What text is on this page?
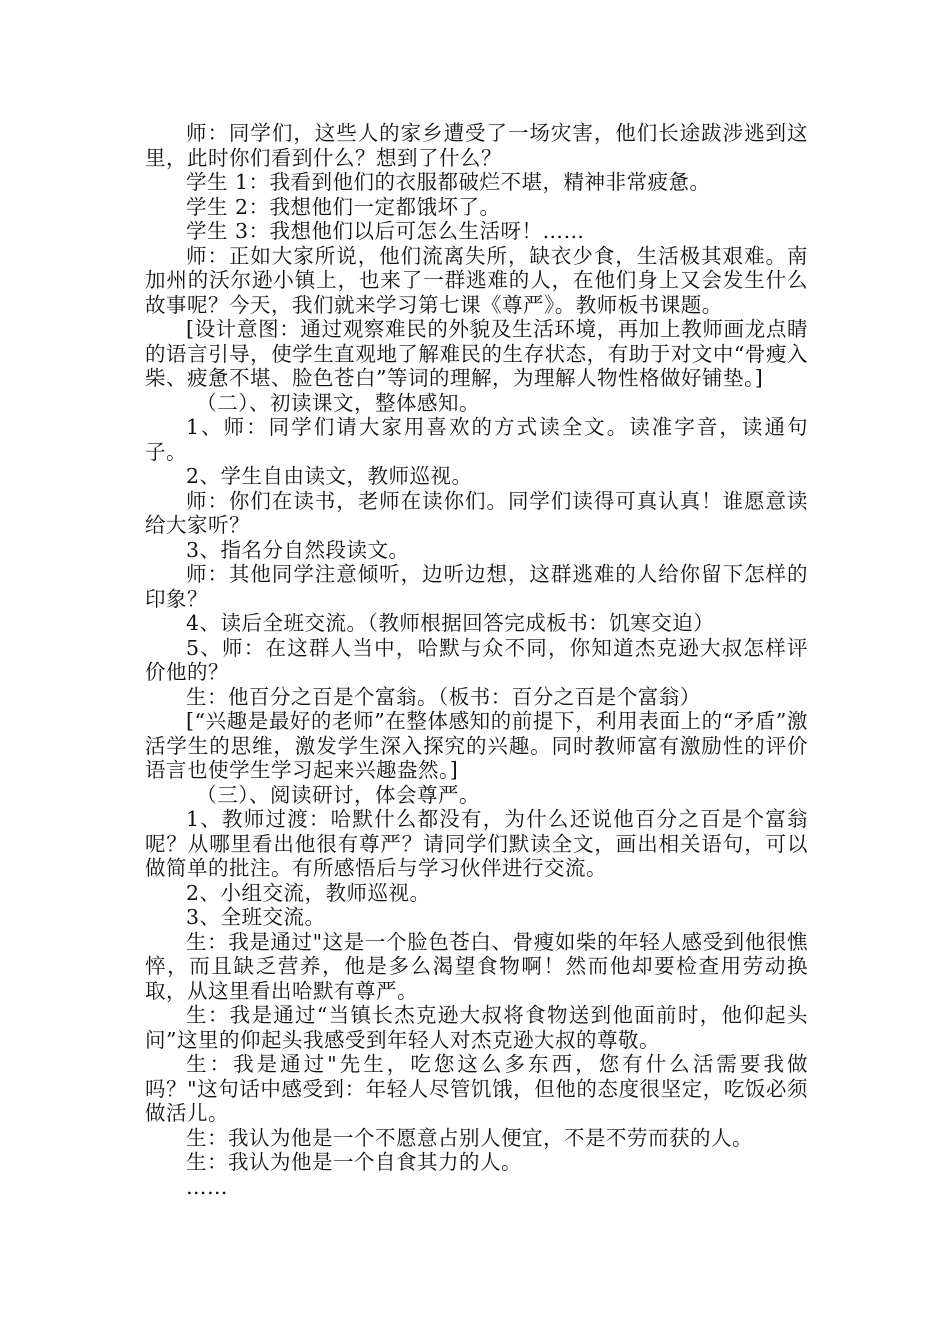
师：同学们，这些人的家乡遭受了一场灾害，他们长途跋涉逃到这里，此时你们看到什么？想到了什么？

学生 1：我看到他们的衣服都破烂不堪，精神非常疲惫。

学生 2：我想他们一定都饿坏了。

学生 3：我想他们以后可怎么生活呀！……

师：正如大家所说，他们流离失所，缺衣少食，生活极其艰难。南加州的沃尔逊小镇上，也来了一群逃难的人，在他们身上又会发生什么故事呢？今天，我们就来学习第七课《尊严》。教师板书课题。

[设计意图：通过观察难民的外貌及生活环境，再加上教师画龙点睛的语言引导，使学生直观地了解难民的生存状态，有助于对文中“骨瘦入柴、疲惫不堪、脸色苍白”等词的理解，为理解人物性格做好铺垫。]

（二）、初读课文，整体感知。

1、师：同学们请大家用喜欢的方式读全文。读准字音，读通句子。

2、学生自由读文，教师巡视。

师：你们在读书，老师在读你们。同学们读得可真认真！谁愿意读给大家听？

3、指名分自然段读文。

师：其他同学注意倾听，边听边想，这群逃难的人给你留下怎样的印象？

4、读后全班交流。（教师根据回答完成板书：饥寒交迫）

5、师：在这群人当中，哈默与众不同，你知道杰克逊大叔怎样评价他的？

生：他百分之百是个富翁。（板书：百分之百是个富翁）

[“兴趣是最好的老师”在整体感知的前提下，利用表面上的“矛盾”激活学生的思维，激发学生深入探究的兴趣。同时教师富有激励性的评价语言也使学生学习起来兴趣盎然。]

（三）、阅读研讨，体会尊严。

1、教师过渡：哈默什么都没有，为什么还说他百分之百是个富翁呢？从哪里看出他很有尊严？请同学们默读全文，画出相关语句，可以做简单的批注。有所感悟后与学习伙伴进行交流。

2、小组交流，教师巡视。

3、全班交流。

生：我是通过"这是一个脸色苍白、骨瘦如柴的年轻人感受到他很憔悴，而且缺乏营养，他是多么渴望食物啊！然而他却要检查用劳动换取，从这里看出哈默有尊严。

生：我是通过“当镇长杰克逊大叔将食物送到他面前时，他仰起头问”这里的仰起头我感受到年轻人对杰克逊大叔的尊敬。

生：我是通过"先生，吃您这么多东西，您有什么活需要我做吗？"这句话中感受到：年轻人尽管饥饿，但他的态度很坚定，吃饭必须做活儿。

生：我认为他是一个不愿意占别人便宜，不是不劳而获的人。

生：我认为他是一个自食其力的人。

……
